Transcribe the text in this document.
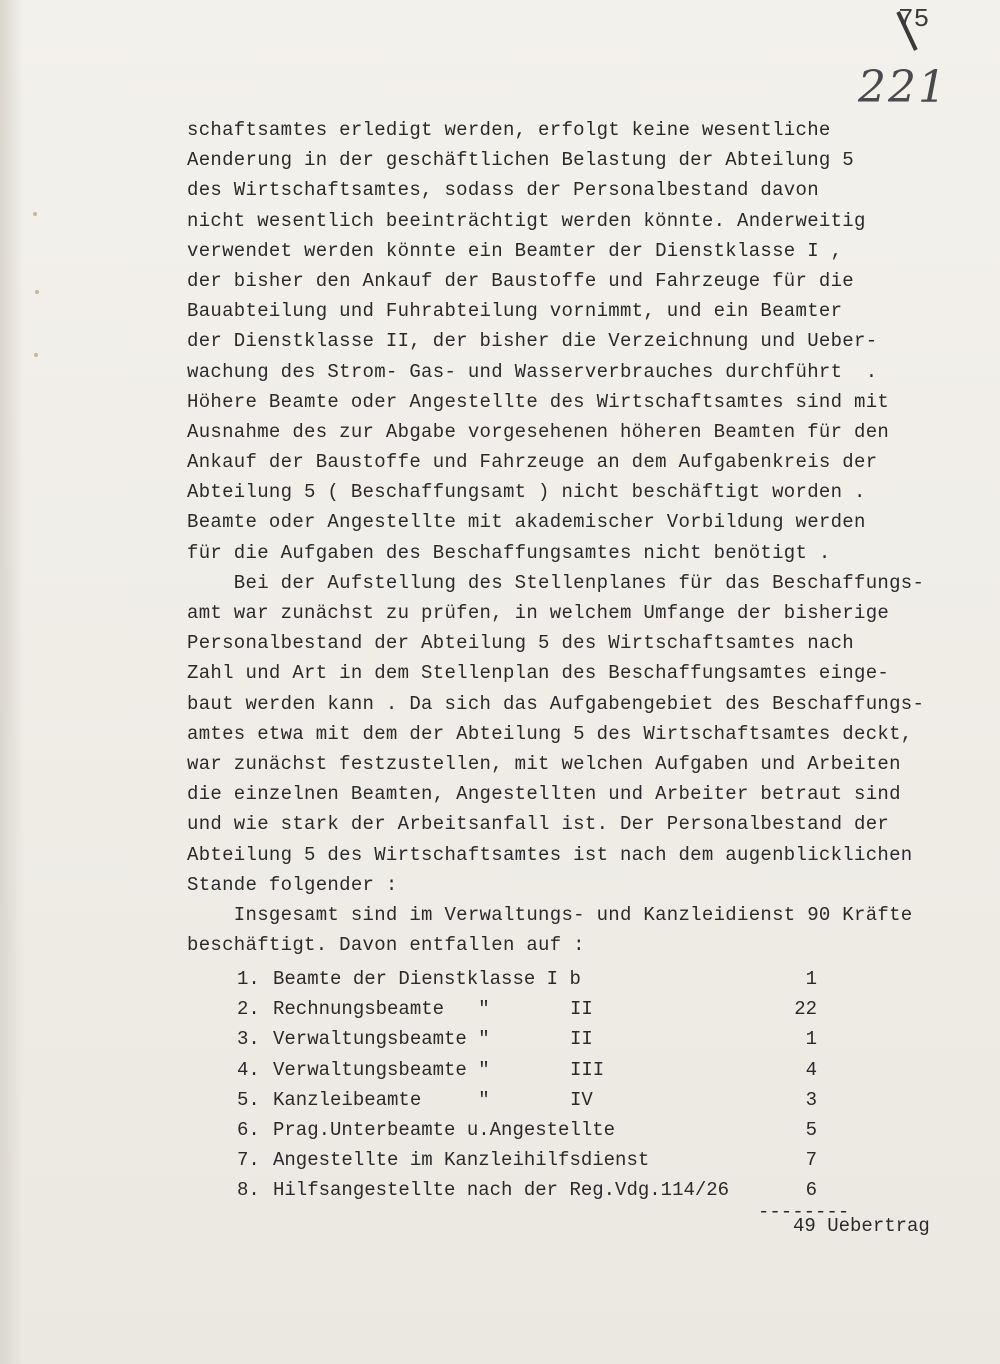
75
221
schaftsamtes erledigt werden, erfolgt keine wesentliche
Aenderung in der geschäftlichen Belastung der Abteilung 5
des Wirtschaftsamtes, sodass der Personalbestand davon
nicht wesentlich beeinträchtigt werden könnte. Anderweitig
verwendet werden könnte ein Beamter der Dienstklasse I ,
der bisher den Ankauf der Baustoffe und Fahrzeuge für die
Bauabteilung und Fuhrabteilung vornimmt, und ein Beamter
der Dienstklasse II, der bisher die Verzeichnung und Ueber-
wachung des Strom- Gas- und Wasserverbrauches durchführt  .
Höhere Beamte oder Angestellte des Wirtschaftsamtes sind mit
Ausnahme des zur Abgabe vorgesehenen höheren Beamten für den
Ankauf der Baustoffe und Fahrzeuge an dem Aufgabenkreis der
Abteilung 5 ( Beschaffungsamt ) nicht beschäftigt worden .
Beamte oder Angestellte mit akademischer Vorbildung werden
für die Aufgaben des Beschaffungsamtes nicht benötigt .
Bei der Aufstellung des Stellenplanes für das Beschaffungs-
amt war zunächst zu prüfen, in welchem Umfange der bisherige
Personalbestand der Abteilung 5 des Wirtschaftsamtes nach
Zahl und Art in dem Stellenplan des Beschaffungsamtes einge-
baut werden kann . Da sich das Aufgabengebiet des Beschaffungs-
amtes etwa mit dem der Abteilung 5 des Wirtschaftsamtes deckt,
war zunächst festzustellen, mit welchen Aufgaben und Arbeiten
die einzelnen Beamten, Angestellten und Arbeiter betraut sind
und wie stark der Arbeitsanfall ist. Der Personalbestand der
Abteilung 5 des Wirtschaftsamtes ist nach dem augenblicklichen
Stande folgender :
Insgesamt sind im Verwaltungs- und Kanzleidienst 90 Kräfte
beschäftigt. Davon entfallen auf :
1. Beamte der Dienstklasse I b	1
2. Rechnungsbeamte   "	II	22
3. Verwaltungsbeamte "	II	1
4. Verwaltungsbeamte "	III	4
5. Kanzleibeamte     "	IV	3
6. Prag.Unterbeamte u.Angestellte	5
7. Angestellte im Kanzleihilfsdienst	7
8. Hilfsangestellte nach der Reg.Vdg.114/26	6
--------
49 Uebertrag
